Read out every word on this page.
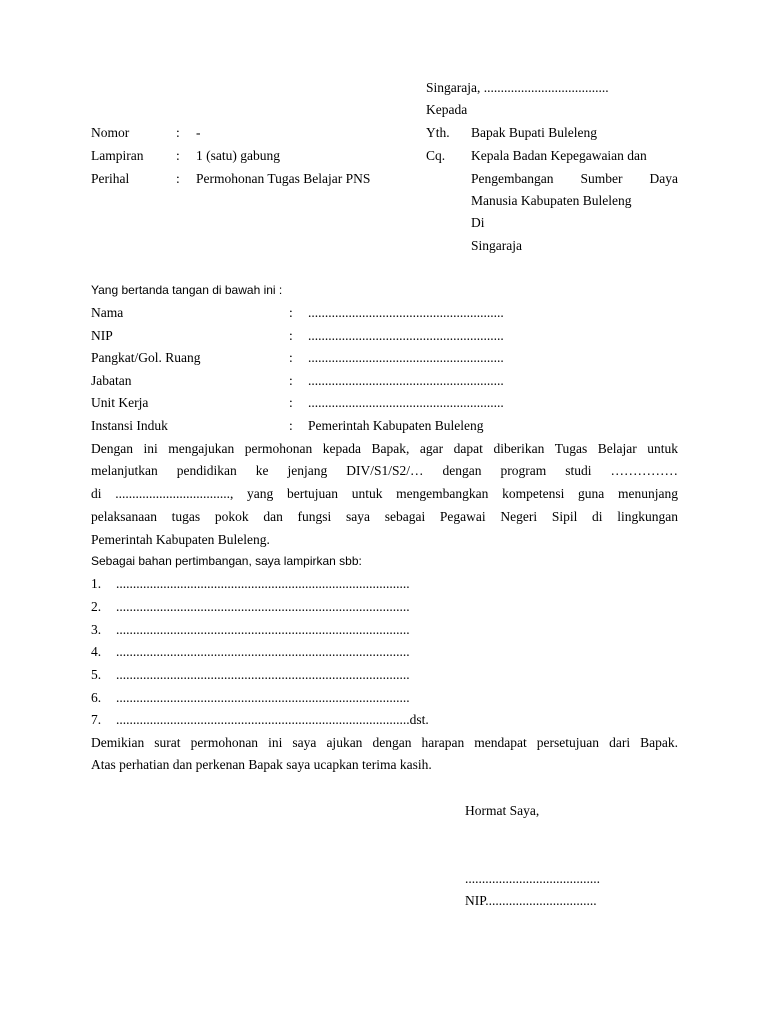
Singaraja, .....................................
Kepada
Nomor	: -
Lampiran : 1 (satu) gabung
Perihal	: Permohonan Tugas Belajar PNS
Yth. Bapak Bupati Buleleng
Cq. Kepala Badan Kepegawaian dan
Pengembangan Sumber Daya
Manusia Kabupaten Buleleng
Di
Singaraja
Yang bertanda tangan di bawah ini :
Nama	: ..........................................................
NIP	: ..........................................................
Pangkat/Gol. Ruang	: ..........................................................
Jabatan	: ..........................................................
Unit Kerja	: ..........................................................
Instansi Induk	: Pemerintah Kabupaten Buleleng
Dengan ini mengajukan permohonan kepada Bapak, agar dapat diberikan Tugas Belajar untuk
melanjutkan pendidikan ke jenjang DIV/S1/S2/… dengan program studi ……………
di .................................., yang bertujuan untuk mengembangkan kompetensi guna menunjang
pelaksanaan tugas pokok dan fungsi saya sebagai Pegawai Negeri Sipil di lingkungan
Pemerintah Kabupaten Buleleng.
Sebagai bahan pertimbangan, saya lampirkan sbb:
1. .......................................................................................
2. .......................................................................................
3. .......................................................................................
4. .......................................................................................
5. .......................................................................................
6. .......................................................................................
7. .......................................................................................dst.
Demikian surat permohonan ini saya ajukan dengan harapan mendapat persetujuan dari Bapak.
Atas perhatian dan perkenan Bapak saya ucapkan terima kasih.
Hormat Saya,
........................................
NIP.................................
